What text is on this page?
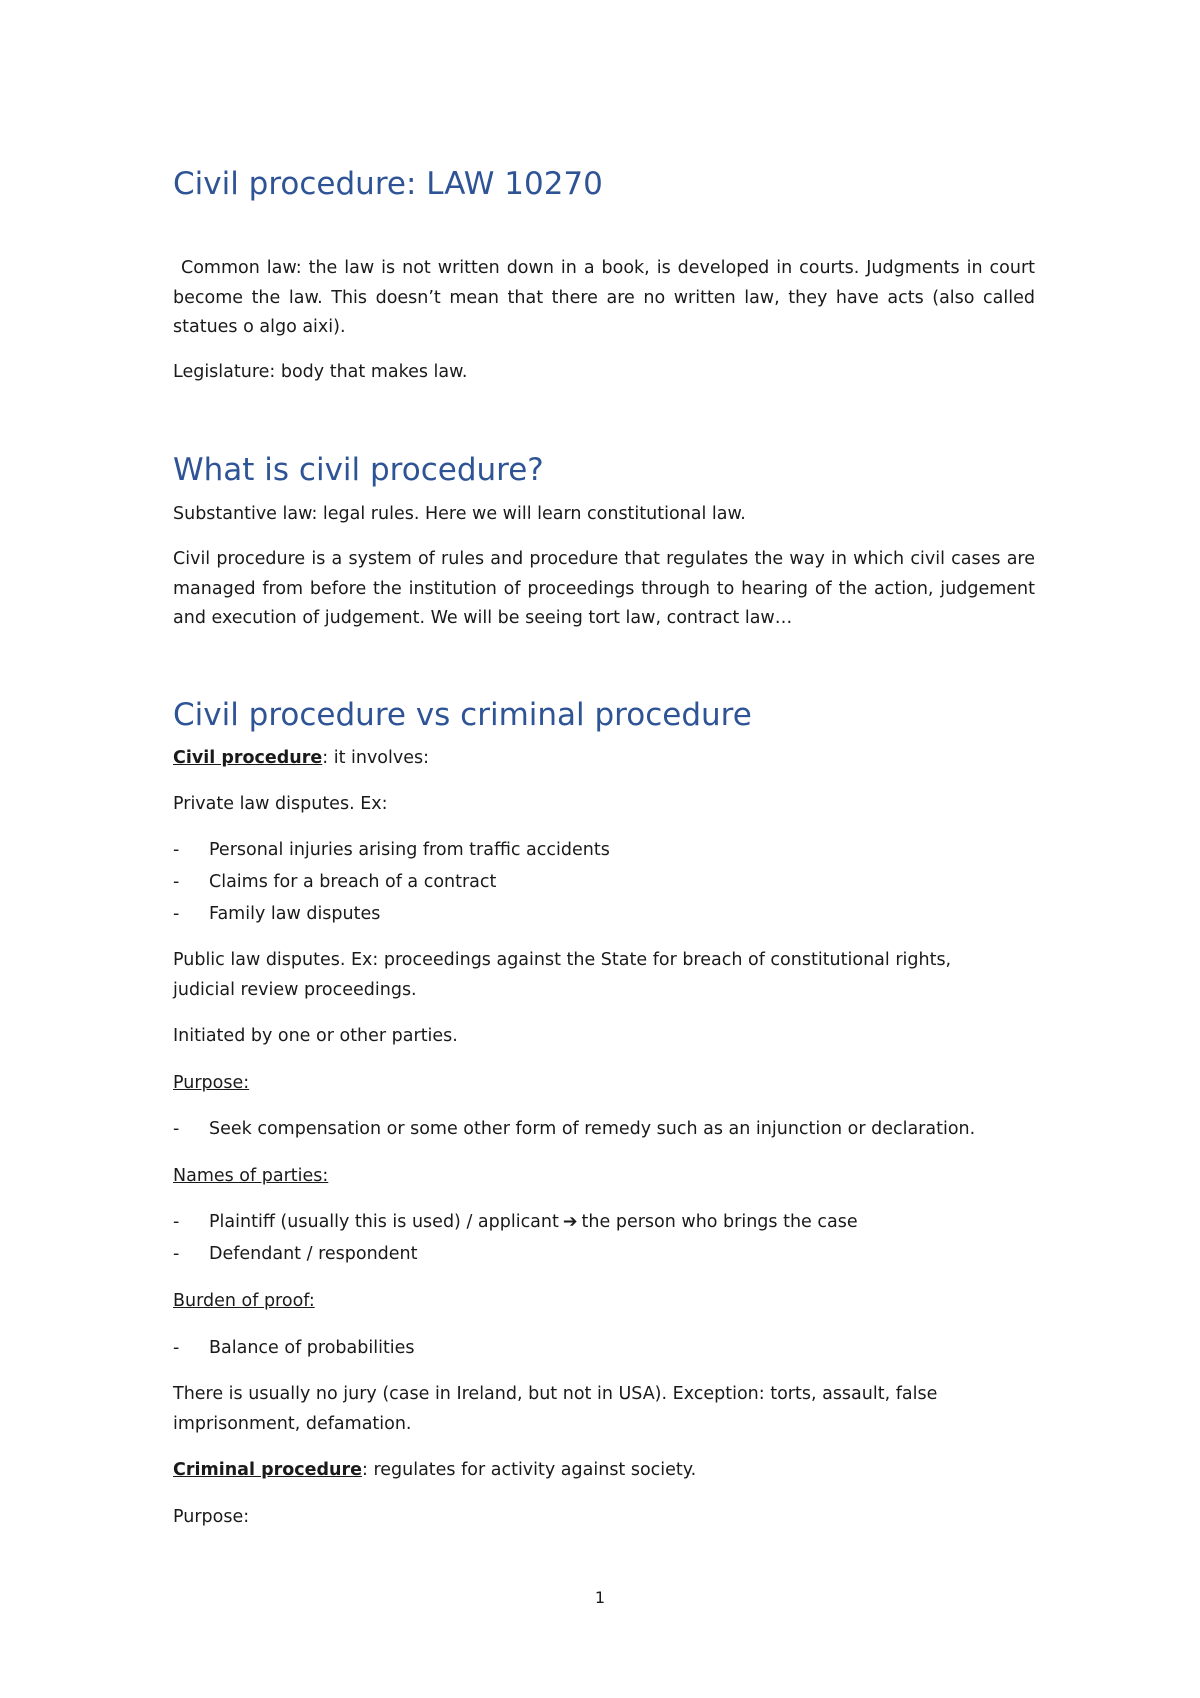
Civil procedure: LAW 10270

Common law: the law is not written down in a book, is developed in courts. Judgments in court become the law. This doesn’t mean that there are no written law, they have acts (also called statues o algo aixi).

Legislature: body that makes law.

What is civil procedure?

Substantive law: legal rules. Here we will learn constitutional law.

Civil procedure is a system of rules and procedure that regulates the way in which civil cases are managed from before the institution of proceedings through to hearing of the action, judgement and execution of judgement. We will be seeing tort law, contract law…

Civil procedure vs criminal procedure

Civil procedure: it involves:

Private law disputes. Ex:

- Personal injuries arising from traffic accidents
- Claims for a breach of a contract
- Family law disputes

Public law disputes. Ex: proceedings against the State for breach of constitutional rights, judicial review proceedings.

Initiated by one or other parties.

Purpose:

- Seek compensation or some other form of remedy such as an injunction or declaration.

Names of parties:

- Plaintiff (usually this is used) / applicant ➔ the person who brings the case
- Defendant / respondent

Burden of proof:

- Balance of probabilities

There is usually no jury (case in Ireland, but not in USA). Exception: torts, assault, false imprisonment, defamation.

Criminal procedure: regulates for activity against society.

Purpose:

1
